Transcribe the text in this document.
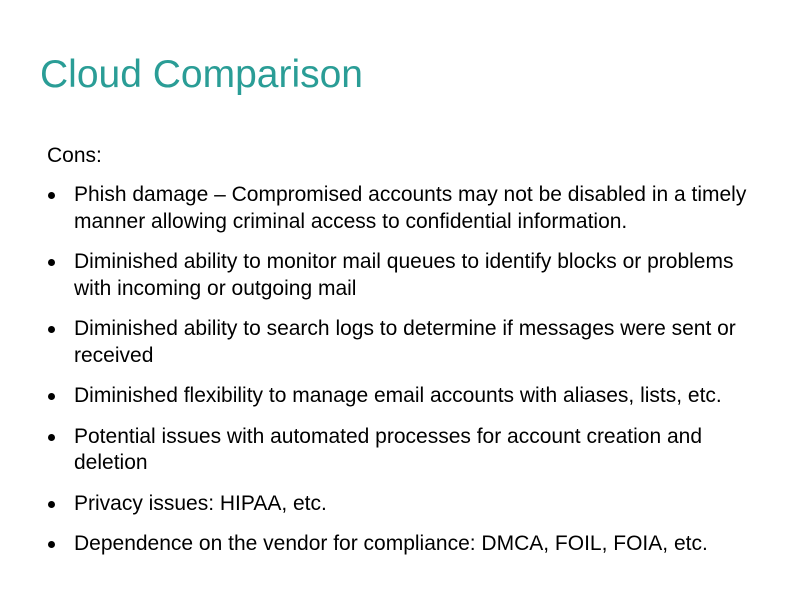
Cloud Comparison
Cons:
Phish damage – Compromised accounts may not be disabled in a timely manner allowing criminal access to confidential information.
Diminished ability to monitor mail queues to identify blocks or problems with incoming or outgoing mail
Diminished ability to search logs to determine if messages were sent or received
Diminished flexibility to manage email accounts with aliases, lists, etc.
Potential issues with automated processes for account creation and deletion
Privacy issues: HIPAA, etc.
Dependence on the vendor for compliance: DMCA, FOIL, FOIA, etc.
